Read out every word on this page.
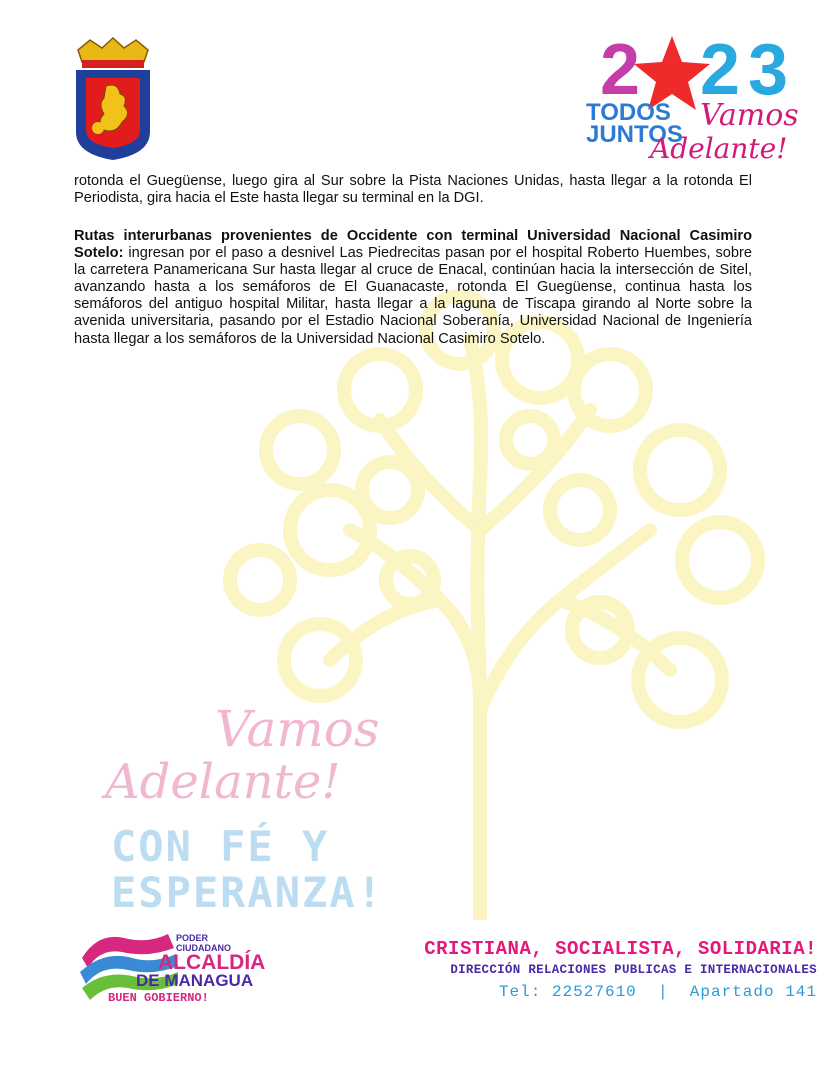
2 2 3
TODOS
JUNTOS
Vamos
Adelante!
rotonda el Guegüense, luego gira al Sur sobre la Pista Naciones Unidas, hasta llegar a la rotonda El Periodista, gira hacia el Este hasta llegar su terminal en la DGI.
Rutas interurbanas provenientes de Occidente con terminal Universidad Nacional Casimiro Sotelo: ingresan por el paso a desnivel Las Piedrecitas pasan por el hospital Roberto Huembes, sobre la carretera Panamericana Sur hasta llegar al cruce de Enacal, continúan hacia la intersección de Sitel, avanzando hasta a los semáforos de El Guanacaste, rotonda El Guegüense, continua hasta los semáforos del antiguo hospital Militar, hasta llegar a la laguna de Tiscapa girando al Norte sobre la avenida universitaria, pasando por el Estadio Nacional Soberanía, Universidad Nacional de Ingeniería hasta llegar a los semáforos de la Universidad Nacional Casimiro Sotelo.
Vamos
Adelante!
CON FÉ Y
ESPERANZA!
PODER
CIUDADANO
ALCALDÍA
DE MANAGUA
BUEN GOBIERNO!
CRISTIANA, SOCIALISTA, SOLIDARIA!
DIRECCIÓN RELACIONES PUBLICAS E INTERNACIONALES
Tel: 22527610  |  Apartado 141
